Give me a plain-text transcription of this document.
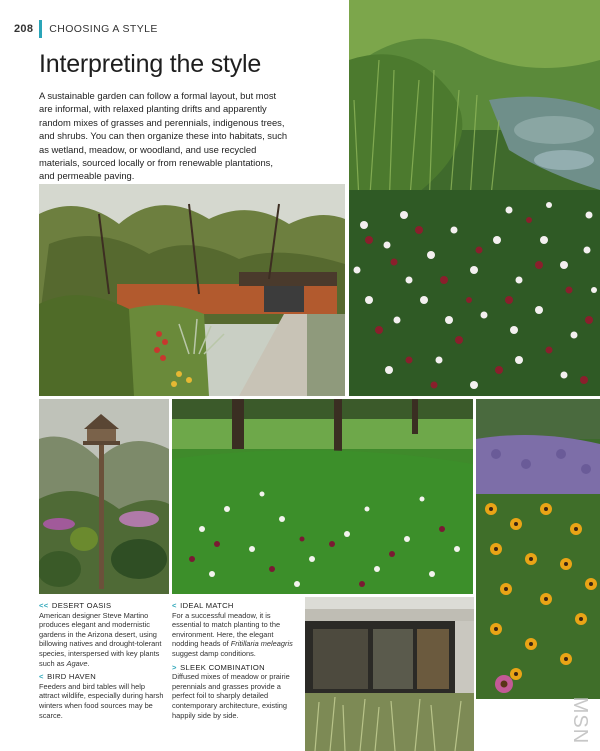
208 CHOOSING A STYLE
Interpreting the style

A sustainable garden can follow a formal layout, but most are informal, with relaxed planting drifts and apparently random mixes of grasses and perennials, indigenous trees, and shrubs. You can then organize these into habitats, such as wetland, meadow, or woodland, and use recycled materials, sourced locally or from renewable plantations, and permeable paving.

<< DESERT OASIS
American designer Steve Martino produces elegant and modernistic gardens in the Arizona desert, using billowing natives and drought-tolerant species, interspersed with key plants such as Agave.
< BIRD HAVEN
Feeders and bird tables will help attract wildlife, especially during harsh winters when food sources may be scarce.
< IDEAL MATCH
For a successful meadow, it is essential to match planting to the environment. Here, the elegant nodding heads of Fritillaria meleagris suggest damp conditions.
> SLEEK COMBINATION
Diffused mixes of meadow or prairie perennials and grasses provide a perfect foil to sharply detailed contemporary architecture, existing happily side by side.	MSN
